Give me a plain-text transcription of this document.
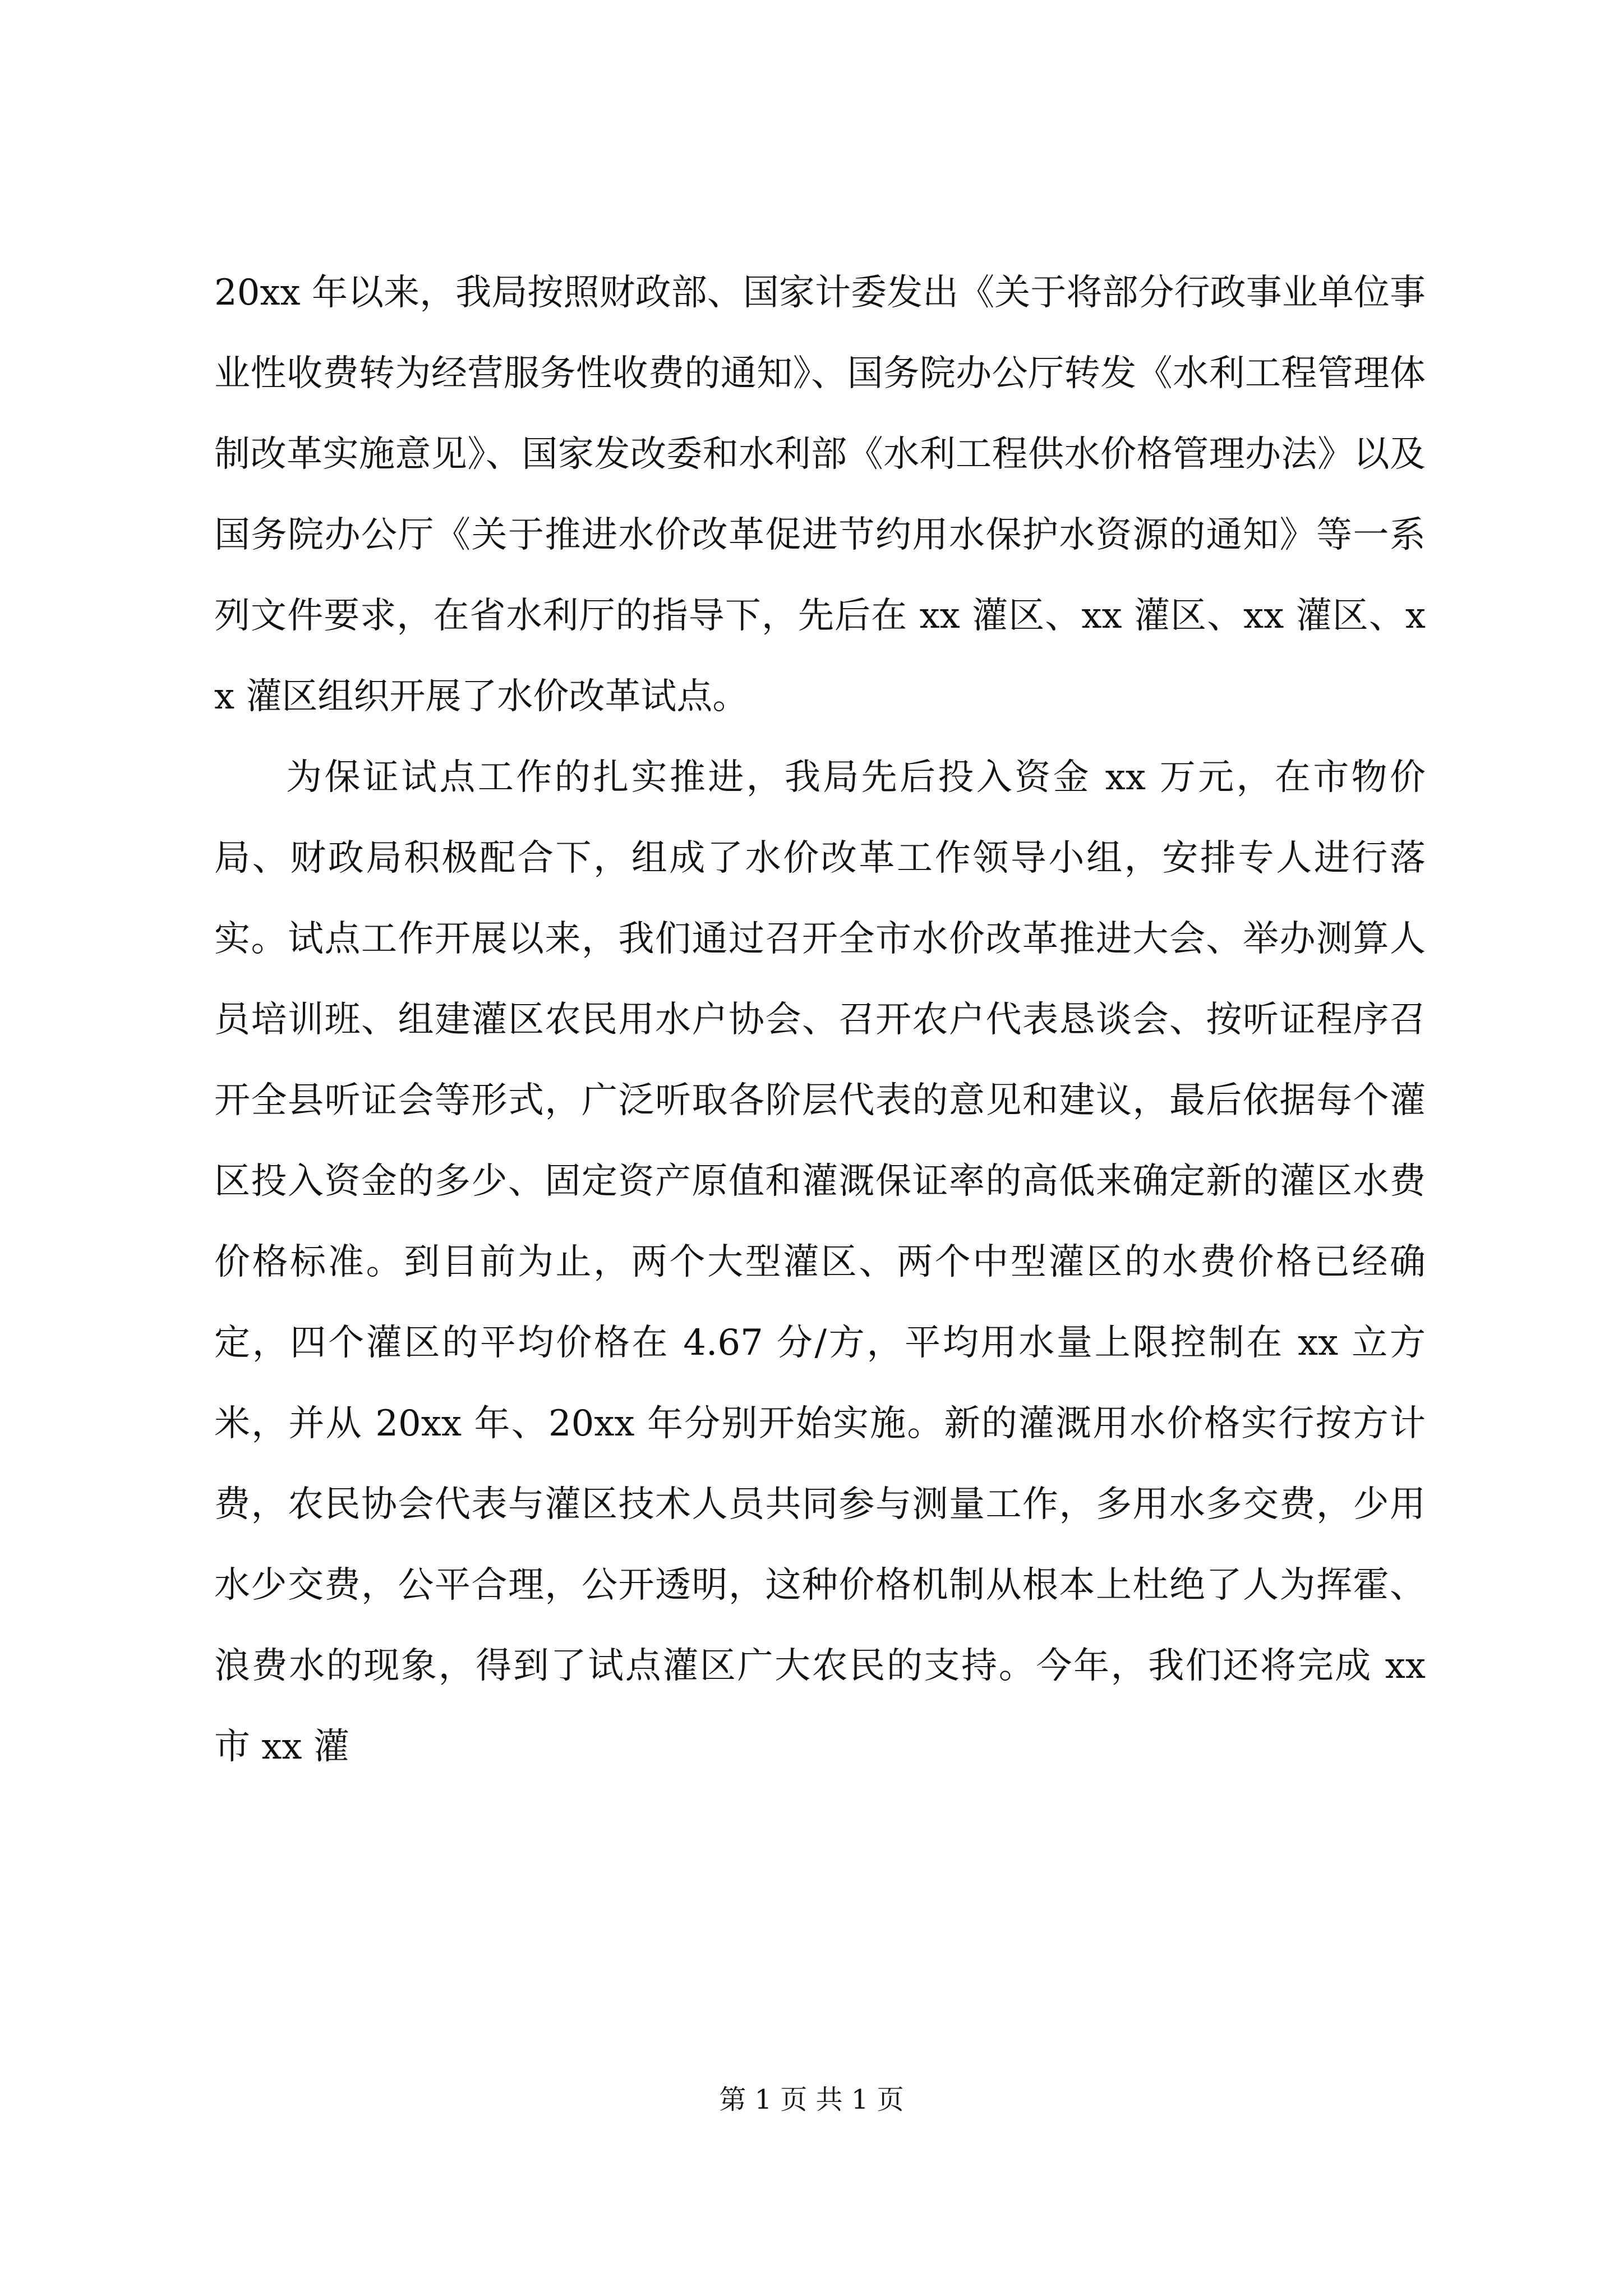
20xx 年以来，我局按照财政部、国家计委发出《关于将部分行政事业单位事业性收费转为经营服务性收费的通知》、国务院办公厅转发《水利工程管理体制改革实施意见》、国家发改委和水利部《水利工程供水价格管理办法》以及国务院办公厅《关于推进水价改革促进节约用水保护水资源的通知》等一系列文件要求，在省水利厅的指导下，先后在 xx 灌区、xx 灌区、xx 灌区、xx 灌区组织开展了水价改革试点。

为保证试点工作的扎实推进，我局先后投入资金 xx 万元，在市物价局、财政局积极配合下，组成了水价改革工作领导小组，安排专人进行落实。试点工作开展以来，我们通过召开全市水价改革推进大会、举办测算人员培训班、组建灌区农民用水户协会、召开农户代表恳谈会、按听证程序召开全县听证会等形式，广泛听取各阶层代表的意见和建议，最后依据每个灌区投入资金的多少、固定资产原值和灌溉保证率的高低来确定新的灌区水费价格标准。到目前为止，两个大型灌区、两个中型灌区的水费价格已经确定，四个灌区的平均价格在 4.67 分/方，平均用水量上限控制在 xx 立方米，并从 20xx 年、20xx 年分别开始实施。新的灌溉用水价格实行按方计费，农民协会代表与灌区技术人员共同参与测量工作，多用水多交费，少用水少交费，公平合理，公开透明，这种价格机制从根本上杜绝了人为挥霍、浪费水的现象，得到了试点灌区广大农民的支持。今年，我们还将完成 xx 市 xx 灌

第 1 页 共 1 页
